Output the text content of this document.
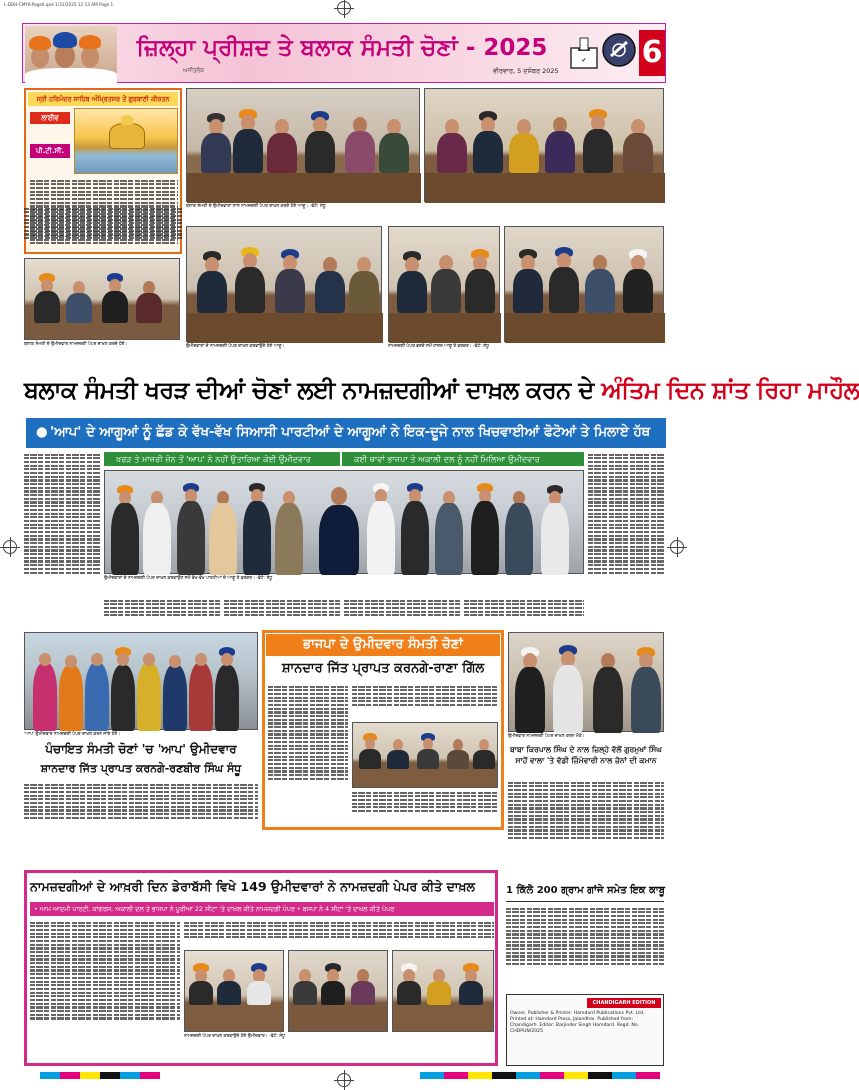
L-DDH-CMYK-Page6.qxd 1/31/2025 12:13 AM Page 1
ਜ਼ਿਲ੍ਹਾ ਪ੍ਰੀਸ਼ਦ ਤੇ ਬਲਾਕ ਸੰਮਤੀ ਚੋਣਾਂ - 2025
ਅਜੀਤਲੋਕ	ਵੀਰਵਾਰ, 5 ਦਸੰਬਰ 2025
✔ 6
ਸ੍ਰੀ ਹਰਿਮੰਦਰ ਸਾਹਿਬ ਅੰਮ੍ਰਿਤਸਰ ਤੋਂ ਗੁਰਬਾਣੀ ਕੀਰਤਨ
ਲਾਈਵ
ਪੀ.ਟੀ.ਸੀ.
ਬਲਾਕ ਸੰਮਤੀ ਦੇ ਉਮੀਦਵਾਰਾਂ ਨਾਲ ਨਾਮਜ਼ਦਗੀ ਪੇਪਰ ਦਾਖ਼ਲ ਕਰਦੇ ਹੋਏ ਆਗੂ। -ਫੋਟੋ: ਸੰਧੂ
ਬਲਾਕ ਸੰਮਤੀ ਦੇ ਉਮੀਦਵਾਰ ਨਾਮਜ਼ਦਗੀ ਪੇਪਰ ਦਾਖ਼ਲ ਕਰਦੇ ਹੋਏ।	ਉਮੀਦਵਾਰਾਂ ਦੇ ਨਾਮਜ਼ਦਗੀ ਪੇਪਰ ਦਾਖ਼ਲ ਕਰਵਾਉਂਦੇ ਹੋਏ ਆਗੂ।	ਨਾਮਜ਼ਦਗੀ ਪੇਪਰ ਭਰਦੇ ਸਮੇਂ ਹਾਜ਼ਰ ਆਗੂ ਤੇ ਵਰਕਰ। -ਫੋਟੋ: ਸੰਧੂ
ਬਲਾਕ ਸੰਮਤੀ ਖਰੜ ਦੀਆਂ ਚੋਣਾਂ ਲਈ ਨਾਮਜ਼ਦਗੀਆਂ ਦਾਖ਼ਲ ਕਰਨ ਦੇ ਅੰਤਿਮ ਦਿਨ ਸ਼ਾਂਤ ਰਿਹਾ ਮਾਹੌਲ
● 'ਆਪ' ਦੇ ਆਗੂਆਂ ਨੂੰ ਛੱਡ ਕੇ ਵੱਖ-ਵੱਖ ਸਿਆਸੀ ਪਾਰਟੀਆਂ ਦੇ ਆਗੂਆਂ ਨੇ ਇਕ-ਦੂਜੇ ਨਾਲ ਖਿਚਵਾਈਆਂ ਫੋਟੋਆਂ ਤੇ ਮਿਲਾਏ ਹੱਥ
ਖਰੜ ਤੇ ਮਾਜਰੀ ਜ਼ੋਨ ਤੋਂ 'ਆਪ' ਨੇ ਨਹੀਂ ਉਤਾਰਿਆ ਕੋਈ ਉਮੀਦਵਾਰ	ਕਈ ਥਾਵਾਂ ਭਾਜਪਾ ਤੇ ਅਕਾਲੀ ਦਲ ਨੂੰ ਨਹੀਂ ਮਿਲਿਆ ਉਮੀਦਵਾਰ
ਉਮੀਦਵਾਰਾਂ ਦੇ ਨਾਮਜ਼ਦਗੀ ਪੇਪਰ ਦਾਖ਼ਲ ਕਰਵਾਉਣ ਸਮੇਂ ਵੱਖ-ਵੱਖ ਪਾਰਟੀਆਂ ਦੇ ਆਗੂ ਤੇ ਵਰਕਰ। -ਫੋਟੋ: ਸੰਧੂ
'ਆਪ' ਉਮੀਦਵਾਰ ਨਾਮਜ਼ਦਗੀ ਪੇਪਰ ਦਾਖ਼ਲ ਕਰਨ ਜਾਂਦੇ ਹੋਏ।
ਭਾਜਪਾ ਦੇ ਉਮੀਦਵਾਰ ਸੰਮਤੀ ਚੋਣਾਂ
ਸ਼ਾਨਦਾਰ ਜਿੱਤ ਪ੍ਰਾਪਤ ਕਰਨਗੇ-ਰਾਣਾ ਗਿੱਲ
ਉਮੀਦਵਾਰ ਨਾਮਜ਼ਦਗੀ ਪੇਪਰ ਦਾਖ਼ਲ ਕਰਨ ਮੌਕੇ।
ਬਾਬਾ ਕਿਰਪਾਲ ਸਿੰਘ ਦੇ ਨਾਲ ਜ਼ਿਲ੍ਹੇ ਵੱਲੋਂ ਗੁਰਮੁਖਾਂ ਸਿੰਘ ਸਾਹੋਂ ਵਾਲਾ 'ਤੇ ਵੱਡੀ ਜ਼ਿੰਮੇਵਾਰੀ ਨਾਲ ਜ਼ੋਨਾਂ ਦੀ ਕਮਾਨ
ਪੰਚਾਇਤ ਸੰਮਤੀ ਚੋਣਾਂ 'ਚ 'ਆਪ' ਉਮੀਦਵਾਰ
ਸ਼ਾਨਦਾਰ ਜਿੱਤ ਪ੍ਰਾਪਤ ਕਰਨਗੇ-ਰਣਬੀਰ ਸਿੰਘ ਸੰਧੂ
ਨਾਮਜ਼ਦਗੀਆਂ ਦੇ ਆਖ਼ਰੀ ਦਿਨ ਡੇਰਾਬੱਸੀ ਵਿਖੇ 149 ਉਮੀਦਵਾਰਾਂ ਨੇ ਨਾਮਜ਼ਦਗੀ ਪੇਪਰ ਕੀਤੇ ਦਾਖ਼ਲ
• ਆਮ ਆਦਮੀ ਪਾਰਟੀ, ਕਾਂਗਰਸ, ਅਕਾਲੀ ਦਲ ਤੇ ਭਾਜਪਾ ਨੇ ਪੂਰੀਆਂ 22 ਸੀਟਾਂ 'ਤੇ ਦਾਖ਼ਲ ਕੀਤੇ ਨਾਮਜ਼ਦਗੀ ਪੇਪਰ • ਬਸਪਾ ਨੇ 4 ਸੀਟਾਂ 'ਤੇ ਦਾਖ਼ਲ ਕੀਤੇ ਪੇਪਰ
ਨਾਮਜ਼ਦਗੀ ਪੇਪਰ ਦਾਖ਼ਲ ਕਰਵਾਉਂਦੇ ਹੋਏ ਉਮੀਦਵਾਰ। -ਫੋਟੋ: ਸੰਧੂ
1 ਕਿੱਲੋ 200 ਗ੍ਰਾਮ ਗਾਂਜੇ ਸਮੇਤ ਇਕ ਕਾਬੂ
CHANDIGARH EDITION
Owner, Publisher & Printer: Hamdard Publications Pvt. Ltd. Printed at: Hamdard Press, Jalandhar. Published from: Chandigarh. Editor: Barjinder Singh Hamdard. Regd. No. CHDPUN/2025
